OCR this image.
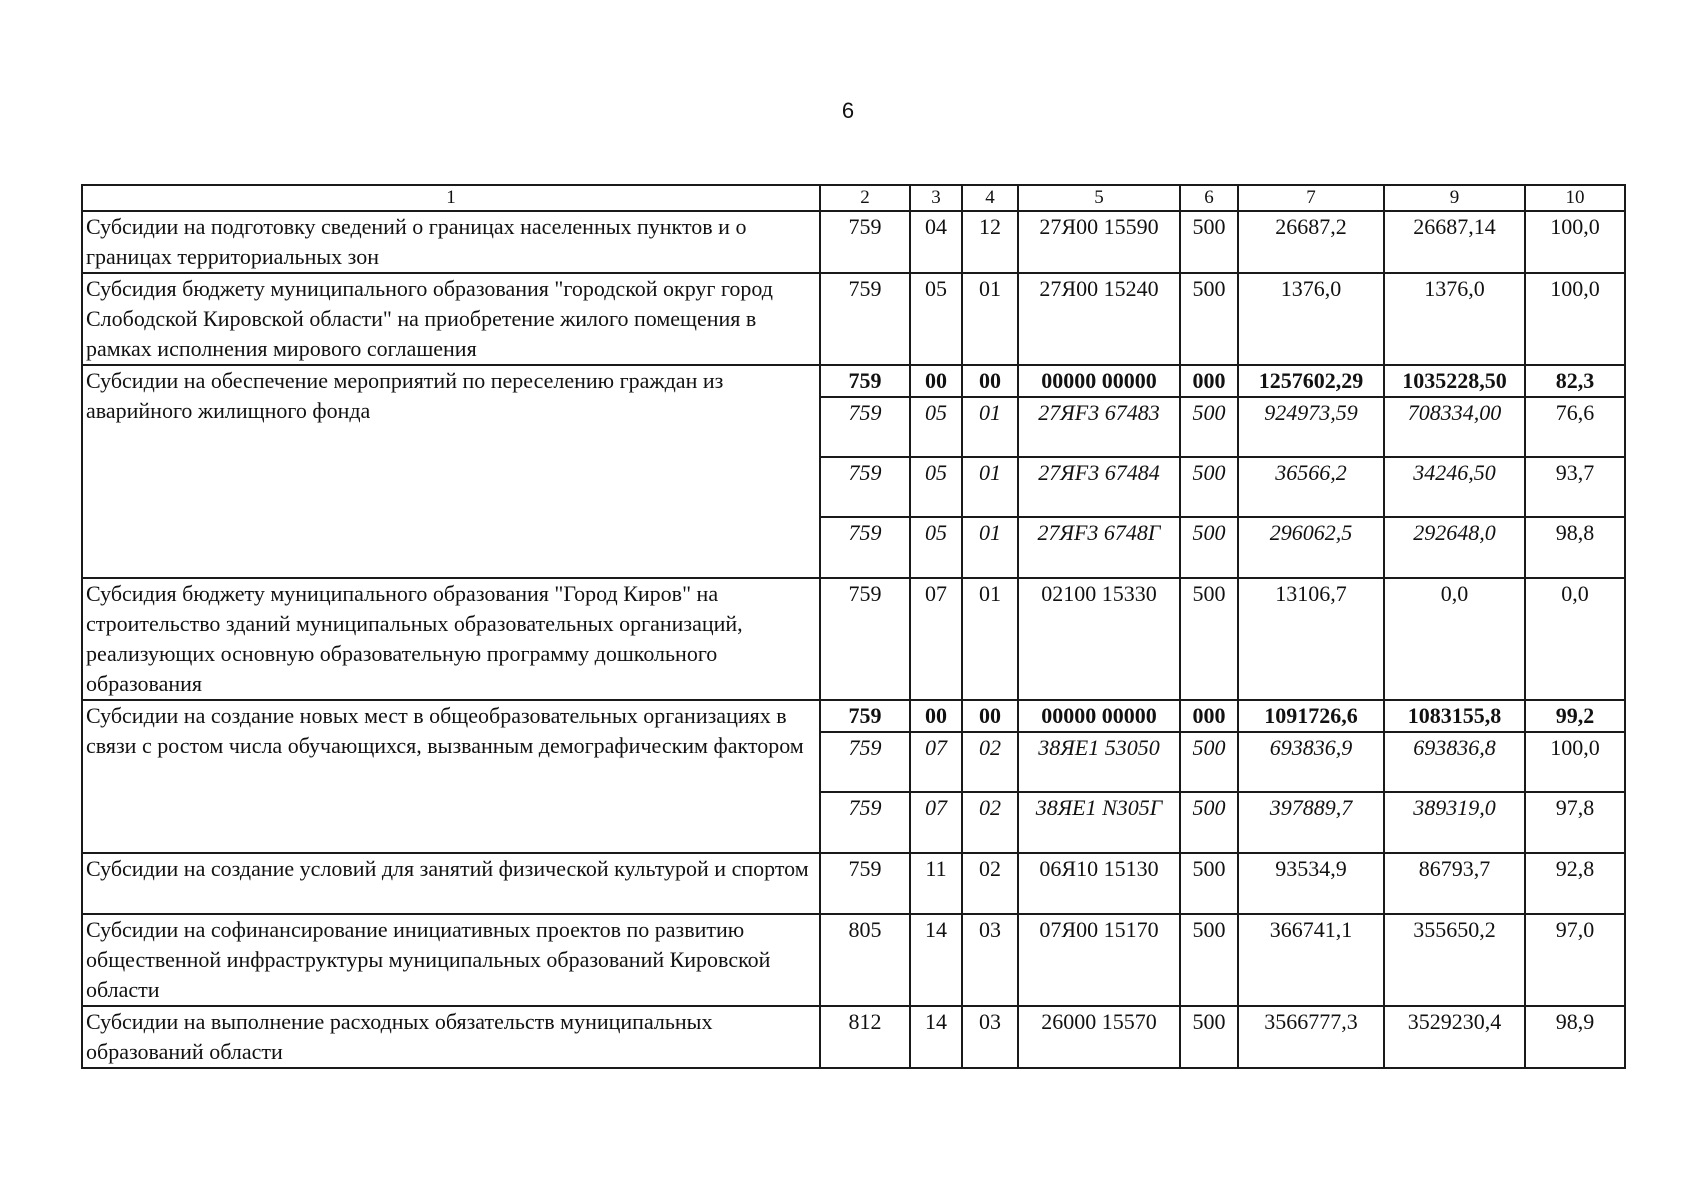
6
1	2	3	4	5	6	7	9	10
Субсидии на подготовку сведений о границах населенных пунктов и о границах территориальных зон	759	04	12	27Я00 15590	500	26687,2	26687,14	100,0
Субсидия бюджету муниципального образования "городской округ город Слободской Кировской области" на приобретение жилого помещения в рамках исполнения мирового соглашения	759	05	01	27Я00 15240	500	1376,0	1376,0	100,0
Субсидии на обеспечение мероприятий по переселению граждан из аварийного жилищного фонда	759	00	00	00000 00000	000	1257602,29	1035228,50	82,3
	759	05	01	27ЯF3 67483	500	924973,59	708334,00	76,6
	759	05	01	27ЯF3 67484	500	36566,2	34246,50	93,7
	759	05	01	27ЯF3 6748Г	500	296062,5	292648,0	98,8
Субсидия бюджету муниципального образования "Город Киров" на строительство зданий муниципальных образовательных организаций, реализующих основную образовательную программу дошкольного образования	759	07	01	02100 15330	500	13106,7	0,0	0,0
Субсидии на создание новых мест в общеобразовательных организациях в связи с ростом числа обучающихся, вызванным демографическим фактором	759	00	00	00000 00000	000	1091726,6	1083155,8	99,2
	759	07	02	38ЯЕ1 53050	500	693836,9	693836,8	100,0
	759	07	02	38ЯЕ1 N305Г	500	397889,7	389319,0	97,8
Субсидии на создание условий для занятий физической культурой и спортом	759	11	02	06Я10 15130	500	93534,9	86793,7	92,8
Субсидии на софинансирование инициативных проектов по развитию общественной инфраструктуры муниципальных образований Кировской области	805	14	03	07Я00 15170	500	366741,1	355650,2	97,0
Субсидии на выполнение расходных обязательств муниципальных образований области	812	14	03	26000 15570	500	3566777,3	3529230,4	98,9
